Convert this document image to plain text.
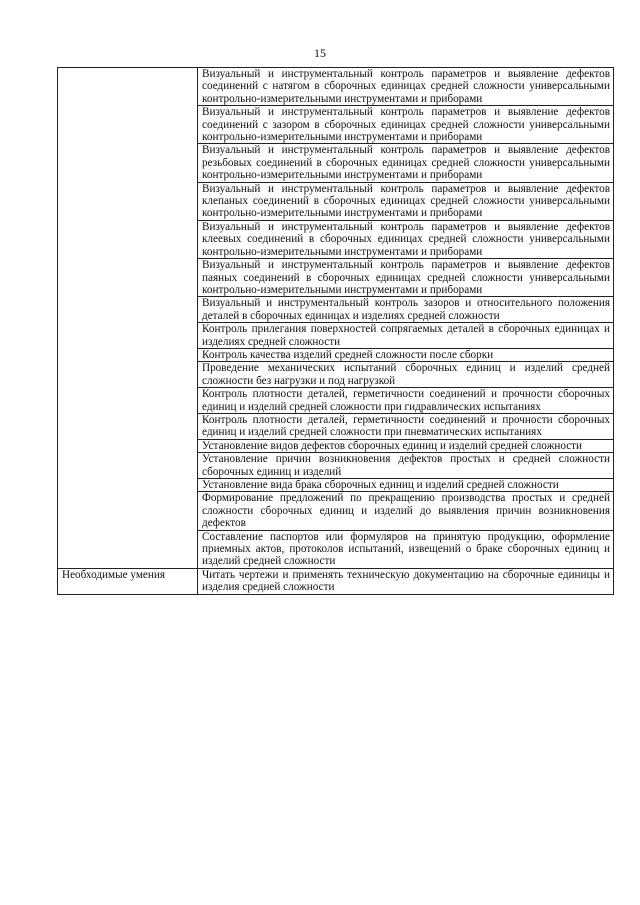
15
	Визуальный и инструментальный контроль параметров и выявление дефектов соединений с натягом в сборочных единицах средней сложности универсальными контрольно-измерительными инструментами и приборами
	Визуальный и инструментальный контроль параметров и выявление дефектов соединений с зазором в сборочных единицах средней сложности универсальными контрольно-измерительными инструментами и приборами
	Визуальный и инструментальный контроль параметров и выявление дефектов резьбовых соединений в сборочных единицах средней сложности универсальными контрольно-измерительными инструментами и приборами
	Визуальный и инструментальный контроль параметров и выявление дефектов клепаных соединений в сборочных единицах средней сложности универсальными контрольно-измерительными инструментами и приборами
	Визуальный и инструментальный контроль параметров и выявление дефектов клеевых соединений в сборочных единицах средней сложности универсальными контрольно-измерительными инструментами и приборами
	Визуальный и инструментальный контроль параметров и выявление дефектов паяных соединений в сборочных единицах средней сложности универсальными контрольно-измерительными инструментами и приборами
	Визуальный и инструментальный контроль зазоров и относительного положения деталей в сборочных единицах и изделиях средней сложности
	Контроль прилегания поверхностей сопрягаемых деталей в сборочных единицах и изделиях средней сложности
	Контроль качества изделий средней сложности после сборки
	Проведение механических испытаний сборочных единиц и изделий средней сложности без нагрузки и под нагрузкой
	Контроль плотности деталей, герметичности соединений и прочности сборочных единиц и изделий средней сложности при гидравлических испытаниях
	Контроль плотности деталей, герметичности соединений и прочности сборочных единиц и изделий средней сложности при пневматических испытаниях
	Установление видов дефектов сборочных единиц и изделий средней сложности
	Установление причин возникновения дефектов простых и средней сложности сборочных единиц и изделий
	Установление вида брака сборочных единиц и изделий средней сложности
	Формирование предложений по прекращению производства простых и средней сложности сборочных единиц и изделий до выявления причин возникновения дефектов
	Составление паспортов или формуляров на принятую продукцию, оформление приемных актов, протоколов испытаний, извещений о браке сборочных единиц и изделий средней сложности
Необходимые умения	Читать чертежи и применять техническую документацию на сборочные единицы и изделия средней сложности
